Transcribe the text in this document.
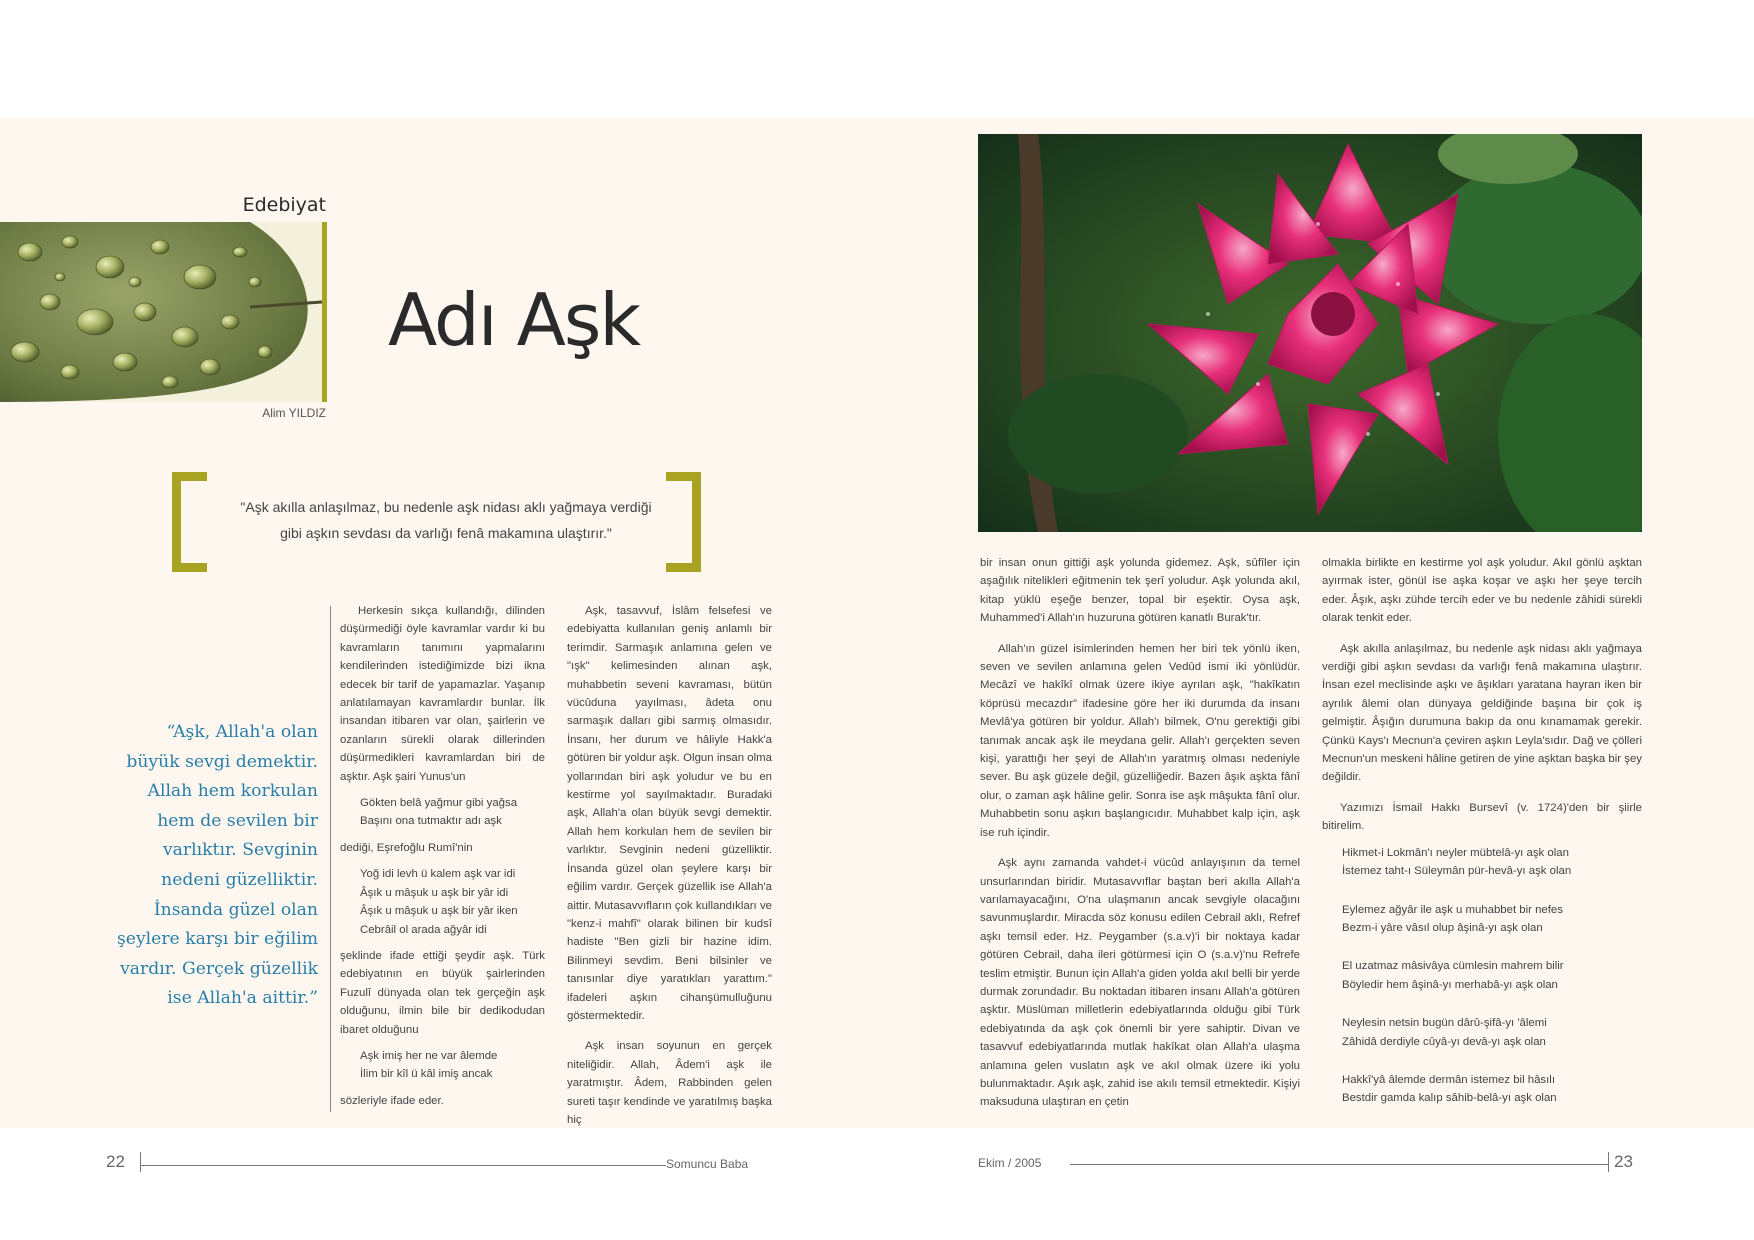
Edebiyat
Alim YILDIZ
Adı Aşk
"Aşk akılla anlaşılmaz, bu nedenle aşk nidası aklı yağmaya verdiği gibi aşkın sevdası da varlığı fenâ makamına ulaştırır."
“Aşk, Allah'a olan büyük sevgi demektir. Allah hem korkulan hem de sevilen bir varlıktır. Sevginin nedeni güzelliktir. İnsanda güzel olan şeylere karşı bir eğilim vardır. Gerçek güzellik ise Allah'a aittir.”

Herkesin sıkça kullandığı, dilinden düşürmediği öyle kavramlar vardır ki bu kavramların tanımını yapmalarını kendilerinden istediğimizde bizi ikna edecek bir tarif de yapamazlar. Yaşanıp anlatılamayan kavramlardır bunlar. İlk insandan itibaren var olan, şairlerin ve ozanların sürekli olarak dillerinden düşürmedikleri kavramlardan biri de aşktır. Aşk şairi Yunus'un

Gökten belâ yağmur gibi yağsa
Başını ona tutmaktır adı aşk

dediği, Eşrefoğlu Rumî'nin

Yoğ idi levh ü kalem aşk var idi
Âşık u mâşuk u aşk bir yâr idi
Âşık u mâşuk u aşk bir yâr iken
Cebrâil ol arada ağyâr idi

şeklinde ifade ettiği şeydir aşk. Türk edebiyatının en büyük şairlerinden Fuzulî dünyada olan tek gerçeğin aşk olduğunu, ilmin bile bir dedikodudan ibaret olduğunu

Aşk imiş her ne var âlemde
İlim bir kîl ü kâl imiş ancak

sözleriyle ifade eder.

Aşk, tasavvuf, İslâm felsefesi ve edebiyatta kullanılan geniş anlamlı bir terimdir. Sarmaşık anlamına gelen ve "ışk" kelimesinden alınan aşk, muhabbetin seveni kavraması, bütün vücûduna yayılması, âdeta onu sarmaşık dalları gibi sarmış olmasıdır. İnsanı, her durum ve hâliyle Hakk'a götüren bir yoldur aşk. Olgun insan olma yollarından biri aşk yoludur ve bu en kestirme yol sayılmaktadır. Buradaki aşk, Allah'a olan büyük sevgi demektir. Allah hem korkulan hem de sevilen bir varlıktır. Sevginin nedeni güzelliktir. İnsanda güzel olan şeylere karşı bir eğilim vardır. Gerçek güzellik ise Allah'a aittir. Mutasavvıfların çok kullandıkları ve "kenz-i mahfî" olarak bilinen bir kudsî hadiste "Ben gizli bir hazine idim. Bilinmeyi sevdim. Beni bilsinler ve tanısınlar diye yaratıkları yarattım." ifadeleri aşkın cihanşümulluğunu göstermektedir.

Aşk insan soyunun en gerçek niteliğidir. Allah, Âdem'i aşk ile yaratmıştır. Âdem, Rabbinden gelen sureti taşır kendinde ve yaratılmış başka hiç

bir insan onun gittiği aşk yolunda gidemez. Aşk, sûfîler için aşağılık nitelikleri eğitmenin tek şerî yoludur. Aşk yolunda akıl, kitap yüklü eşeğe benzer, topal bir eşektir. Oysa aşk, Muhammed'i Allah'ın huzuruna götüren kanatlı Burak'tır.

Allah'ın güzel isimlerinden hemen her biri tek yönlü iken, seven ve sevilen anlamına gelen Vedûd ismi iki yönlüdür. Mecâzî ve hakîkî olmak üzere ikiye ayrılan aşk, "hakîkatın köprüsü mecazdır" ifadesine göre her iki durumda da insanı Mevlâ'ya götüren bir yoldur. Allah'ı bilmek, O'nu gerektiği gibi tanımak ancak aşk ile meydana gelir. Allah'ı gerçekten seven kişi, yarattığı her şeyi de Allah'ın yaratmış olması nedeniyle sever. Bu aşk güzele değil, güzelliğedir. Bazen âşık aşkta fânî olur, o zaman aşk hâline gelir. Sonra ise aşk mâşukta fânî olur. Muhabbetin sonu aşkın başlangıcıdır. Muhabbet kalp için, aşk ise ruh içindir.

Aşk aynı zamanda vahdet-i vücûd anlayışının da temel unsurlarından biridir. Mutasavvıflar baştan beri akılla Allah'a varılamayacağını, O'na ulaşmanın ancak sevgiyle olacağını savunmuşlardır. Miracda söz konusu edilen Cebrail aklı, Refref aşkı temsil eder. Hz. Peygamber (s.a.v)'i bir noktaya kadar götüren Cebrail, daha ileri götürmesi için O (s.a.v)'nu Refrefe teslim etmiştir. Bunun için Allah'a giden yolda akıl belli bir yerde durmak zorundadır. Bu noktadan itibaren insanı Allah'a götüren aşktır. Müslüman milletlerin edebiyatlarında olduğu gibi Türk edebiyatında da aşk çok önemli bir yere sahiptir. Divan ve tasavvuf edebiyatlarında mutlak hakîkat olan Allah'a ulaşma anlamına gelen vuslatın aşk ve akıl olmak üzere iki yolu bulunmaktadır. Aşık aşk, zahid ise akılı temsil etmektedir. Kişiyi maksuduna ulaştıran en çetin

olmakla birlikte en kestirme yol aşk yoludur. Akıl gönlü aşktan ayırmak ister, gönül ise aşka koşar ve aşkı her şeye tercih eder. Âşık, aşkı zühde tercih eder ve bu nedenle zâhidi sürekli olarak tenkit eder.

Aşk akılla anlaşılmaz, bu nedenle aşk nidası aklı yağmaya verdiği gibi aşkın sevdası da varlığı fenâ makamına ulaştırır. İnsan ezel meclisinde aşkı ve âşıkları yaratana hayran iken bir ayrılık âlemi olan dünyaya geldiğinde başına bir çok iş gelmiştir. Âşığın durumuna bakıp da onu kınamamak gerekir. Çünkü Kays'ı Mecnun'a çeviren aşkın Leyla'sıdır. Dağ ve çölleri Mecnun'un meskeni hâline getiren de yine aşktan başka bir şey değildir.

Yazımızı İsmail Hakkı Bursevî (v. 1724)'den bir şiirle bitirelim.

Hikmet-i Lokmân'ı neyler mübtelâ-yı aşk olan
İstemez taht-ı Süleymân pür-hevâ-yı aşk olan
Eylemez ağyâr ile aşk u muhabbet bir nefes
Bezm-i yâre vâsıl olup âşinâ-yı aşk olan
El uzatmaz mâsivâya cümlesin mahrem bilir
Böyledir hem âşinâ-yı merhabâ-yı aşk olan
Neylesin netsin bugün dârû-şifâ-yı 'âlemi
Zâhidâ derdiyle cûyâ-yı devâ-yı aşk olan
Hakkî'yâ âlemde dermân istemez bil hâsılı
Bestdir gamda kalıp sâhib-belâ-yı aşk olan
22	Somuncu Baba	Ekim / 2005	23
